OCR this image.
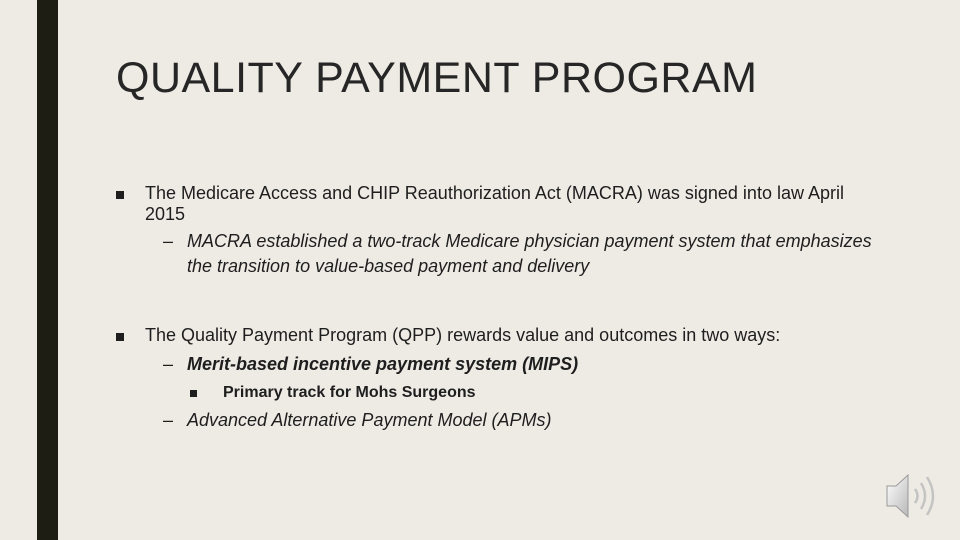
QUALITY PAYMENT PROGRAM
The Medicare Access and CHIP Reauthorization Act (MACRA) was signed into law April 2015
– MACRA established a two-track Medicare physician payment system that emphasizes the transition to value-based payment and delivery
The Quality Payment Program (QPP) rewards value and outcomes in two ways:
– Merit-based incentive payment system (MIPS)
Primary track for Mohs Surgeons
– Advanced Alternative Payment Model (APMs)
